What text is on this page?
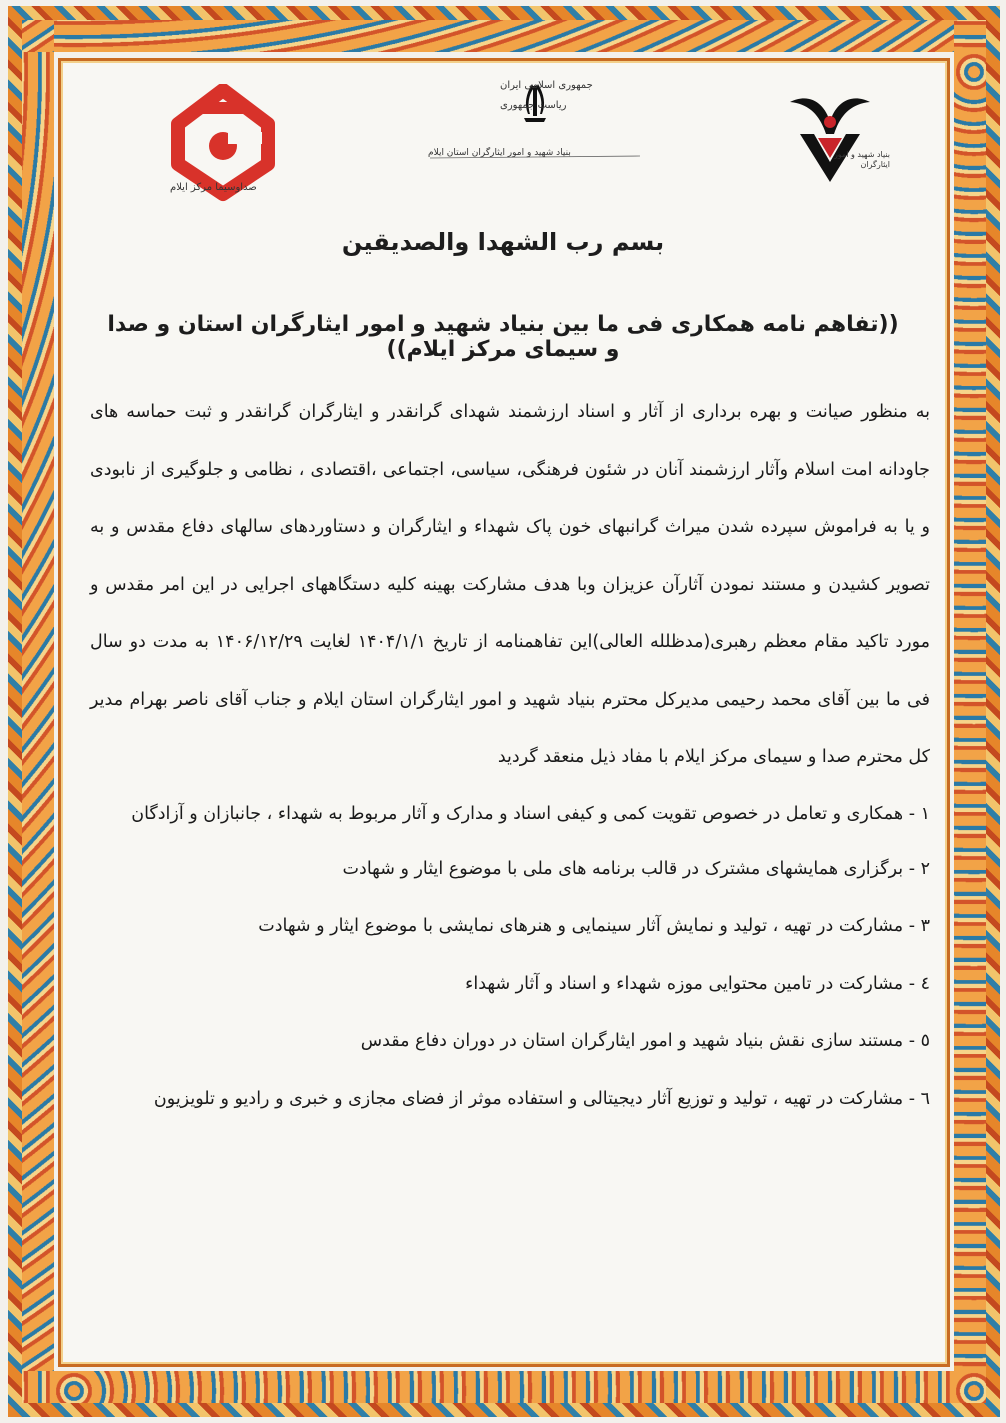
صداوسیما مرکز ایلام
جمهوری اسلامی ایران
ریاست جمهوری
بنیاد شهید و امور ایثارگران استان ایلام	بنیاد شهید و امور ایثارگران
بسم رب الشهدا والصدیقین
((تفاهم نامه همکاری فی ما بین بنیاد شهید و امور ایثارگران استان و صدا و سیمای مرکز ایلام))
به منظور صیانت و بهره برداری از آثار و اسناد ارزشمند شهدای گرانقدر و ایثارگران گرانقدر و ثبت حماسه های جاودانه امت اسلام وآثار ارزشمند آنان در شئون فرهنگی، سیاسی، اجتماعی ،اقتصادی ، نظامی و جلوگیری از نابودی و یا به فراموش سپرده شدن میراث گرانبهای خون پاک شهداء و ایثارگران و دستاوردهای سالهای دفاع مقدس و به تصویر کشیدن و مستند نمودن آثارآن عزیزان وبا هدف مشارکت بهینه کلیه دستگاههای اجرایی در این امر مقدس و مورد تاکید مقام معظم رهبری(مدظلله العالی)این تفاهمنامه از تاریخ ۱۴۰۴/۱/۱ لغایت ۱۴۰۶/۱۲/۲۹ به مدت دو سال فی ما بین آقای محمد رحیمی مدیرکل محترم بنیاد شهید و امور ایثارگران استان ایلام و جناب آقای ناصر بهرام مدیر کل محترم صدا و سیمای مرکز ایلام با مفاد ذیل منعقد گردید
۱ - همکاری و تعامل در خصوص تقویت کمی و کیفی اسناد و مدارک و آثار مربوط به شهداء ، جانبازان و آزادگان
۲ - برگزاری همایشهای مشترک در قالب برنامه های ملی با موضوع ایثار و شهادت
۳ - مشارکت در تهیه ، تولید و نمایش آثار سینمایی و هنرهای نمایشی با موضوع ایثار و شهادت
٤ - مشارکت در تامین محتوایی موزه شهداء و اسناد و آثار شهداء
٥ - مستند سازی نقش بنیاد شهید و امور ایثارگران استان در دوران دفاع مقدس
٦ - مشارکت در تهیه ، تولید و توزیع آثار دیجیتالی و استفاده موثر از فضای مجازی و خبری و رادیو و تلویزیون
